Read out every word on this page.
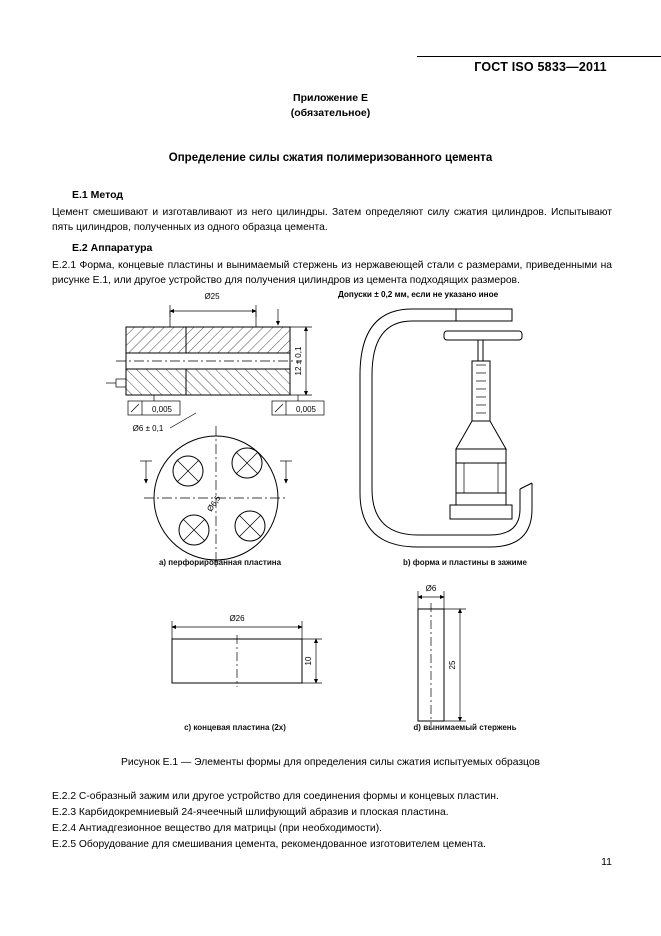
ГОСТ ISO 5833—2011
Приложение Е
(обязательное)
Определение силы сжатия полимеризованного цемента
Е.1 Метод
Цемент смешивают и изготавливают из него цилиндры. Затем определяют силу сжатия цилиндров. Испытывают пять цилиндров, полученных из одного образца цемента.
Е.2 Аппаратура
Е.2.1 Форма, концевые пластины и вынимаемый стержень из нержавеющей стали с размерами, приведенными на рисунке Е.1, или другое устройство для получения цилиндров из цемента подходящих размеров.
Допуски ± 0,2 мм, если не указано иное
Ø25
12 ± 0,1
0,005	0,005
Ø6 ± 0,1
Ø6,5
Ø26
10
Ø6
25
а) перфорированная пластина	b) форма и пластины в зажиме
c) концевая пластина (2x)	d) вынимаемый стержень
Рисунок Е.1 — Элементы формы для определения силы сжатия испытуемых образцов
Е.2.2 С-образный зажим или другое устройство для соединения формы и концевых пластин.
Е.2.3 Карбидокремниевый 24-ячеечный шлифующий абразив и плоская пластина.
Е.2.4 Антиадгезионное вещество для матрицы (при необходимости).
Е.2.5 Оборудование для смешивания цемента, рекомендованное изготовителем цемента.
11
